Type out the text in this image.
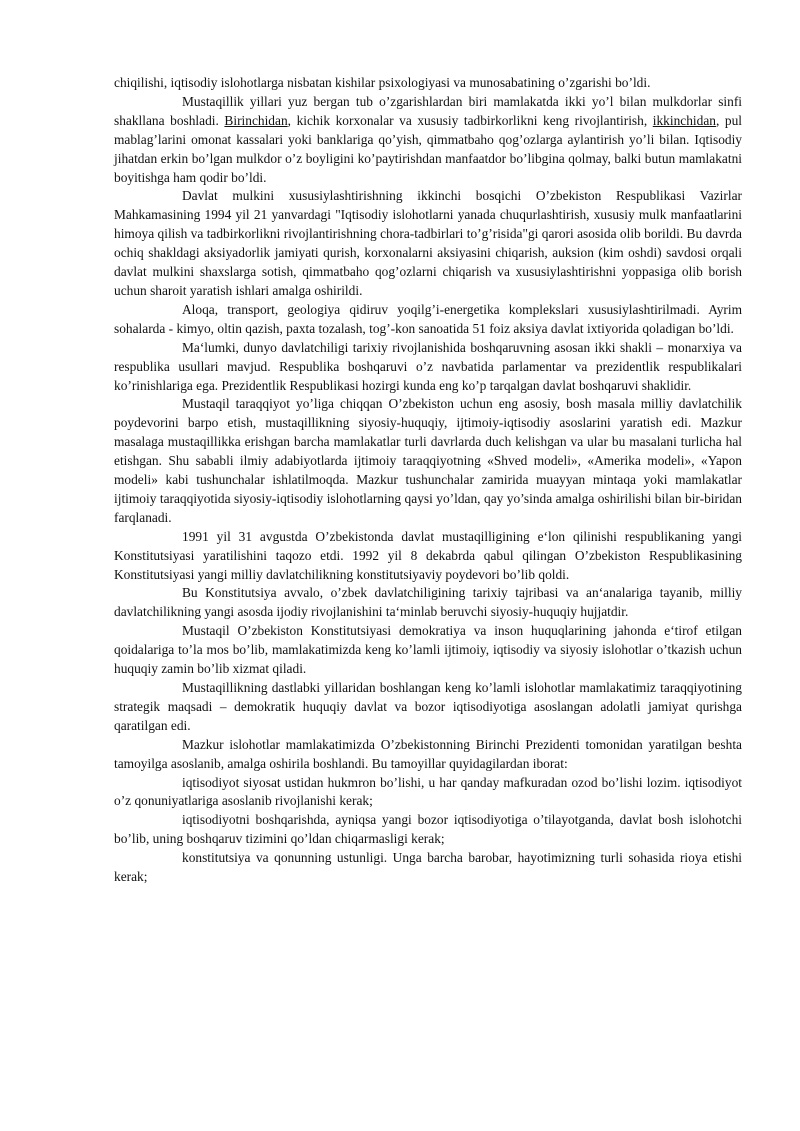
chiqilishi, iqtisodiy islohotlarga nisbatan kishilar psixologiyasi va munosabatining o’zgarishi bo’ldi.

Mustaqillik yillari yuz bergan tub o’zgarishlardan biri mamlakatda ikki yo’l bilan mulkdorlar sinfi shakllana boshladi. Birinchidan, kichik korxonalar va xususiy tadbirkorlikni keng rivojlantirish, ikkinchidan, pul mablag’larini omonat kassalari yoki banklariga qo’yish, qimmatbaho qog’ozlarga aylantirish yo’li bilan. Iqtisodiy jihatdan erkin bo’lgan mulkdor o’z boyligini ko’paytirishdan manfaatdor bo’libgina qolmay, balki butun mamlakatni boyitishga ham qodir bo’ldi.

Davlat mulkini xususiylashtirishning ikkinchi bosqichi O’zbekiston Respublikasi Vazirlar Mahkamasining 1994 yil 21 yanvardagi "Iqtisodiy islohotlarni yanada chuqurlashtirish, xususiy mulk manfaatlarini himoya qilish va tadbirkorlikni rivojlantirishning chora-tadbirlari to’g’risida"gi qarori asosida olib borildi. Bu davrda ochiq shakldagi aksiyadorlik jamiyati qurish, korxonalarni aksiyasini chiqarish, auksion (kim oshdi) savdosi orqali davlat mulkini shaxslarga sotish, qimmatbaho qog’ozlarni chiqarish va xususiylashtirishni yoppasiga olib borish uchun sharoit yaratish ishlari amalga oshirildi.

Aloqa, transport, geologiya qidiruv yoqilg’i-energetika komplekslari xususiylashtirilmadi. Ayrim sohalarda - kimyo, oltin qazish, paxta tozalash, tog’-kon sanoatida 51 foiz aksiya davlat ixtiyorida qoladigan bo’ldi.

Ma‘lumki, dunyo davlatchiligi tarixiy rivojlanishida boshqaruvning asosan ikki shakli – monarxiya va respublika usullari mavjud. Respublika boshqaruvi o’z navbatida parlamentar va prezidentlik respublikalari ko’rinishlariga ega. Prezidentlik Respublikasi hozirgi kunda eng ko’p tarqalgan davlat boshqaruvi shaklidir.

Mustaqil taraqqiyot yo’liga chiqqan O’zbekiston uchun eng asosiy, bosh masala milliy davlatchilik poydevorini barpo etish, mustaqillikning siyosiy-huquqiy, ijtimoiy-iqtisodiy asoslarini yaratish edi. Mazkur masalaga mustaqillikka erishgan barcha mamlakatlar turli davrlarda duch kelishgan va ular bu masalani turlicha hal etishgan. Shu sababli ilmiy adabiyotlarda ijtimoiy taraqqiyotning «Shved modeli», «Amerika modeli», «Yapon modeli» kabi tushunchalar ishlatilmoqda. Mazkur tushunchalar zamirida muayyan mintaqa yoki mamlakatlar ijtimoiy taraqqiyotida siyosiy-iqtisodiy islohotlarning qaysi yo’ldan, qay yo’sinda amalga oshirilishi bilan bir-biridan farqlanadi.

1991 yil 31 avgustda O’zbekistonda davlat mustaqilligining e‘lon qilinishi respublikaning yangi Konstitutsiyasi yaratilishini taqozo etdi. 1992 yil 8 dekabrda qabul qilingan O’zbekiston Respublikasining Konstitutsiyasi yangi milliy davlatchilikning konstitutsiyaviy poydevori bo’lib qoldi.

Bu Konstitutsiya avvalo, o’zbek davlatchiligining tarixiy tajribasi va an‘analariga tayanib, milliy davlatchilikning yangi asosda ijodiy rivojlanishini ta‘minlab beruvchi siyosiy-huquqiy hujjatdir.

Mustaqil O’zbekiston Konstitutsiyasi demokratiya va inson huquqlarining jahonda e‘tirof etilgan qoidalariga to’la mos bo’lib, mamlakatimizda keng ko’lamli ijtimoiy, iqtisodiy va siyosiy islohotlar o’tkazish uchun huquqiy zamin bo’lib xizmat qiladi.

Mustaqillikning dastlabki yillaridan boshlangan keng ko’lamli islohotlar mamlakatimiz taraqqiyotining strategik maqsadi – demokratik huquqiy davlat va bozor iqtisodiyotiga asoslangan adolatli jamiyat qurishga qaratilgan edi.

Mazkur islohotlar mamlakatimizda O’zbekistonning Birinchi Prezidenti tomonidan yaratilgan beshta tamoyilga asoslanib, amalga oshirila boshlandi. Bu tamoyillar quyidagilardan iborat:

iqtisodiyot siyosat ustidan hukmron bo’lishi, u har qanday mafkuradan ozod bo’lishi lozim. iqtisodiyot o’z qonuniyatlariga asoslanib rivojlanishi kerak;

iqtisodiyotni boshqarishda, ayniqsa yangi bozor iqtisodiyotiga o’tilayotganda, davlat bosh islohotchi bo’lib, uning boshqaruv tizimini qo’ldan chiqarmasligi kerak;

konstitutsiya va qonunning ustunligi. Unga barcha barobar, hayotimizning turli sohasida rioya etishi kerak;
